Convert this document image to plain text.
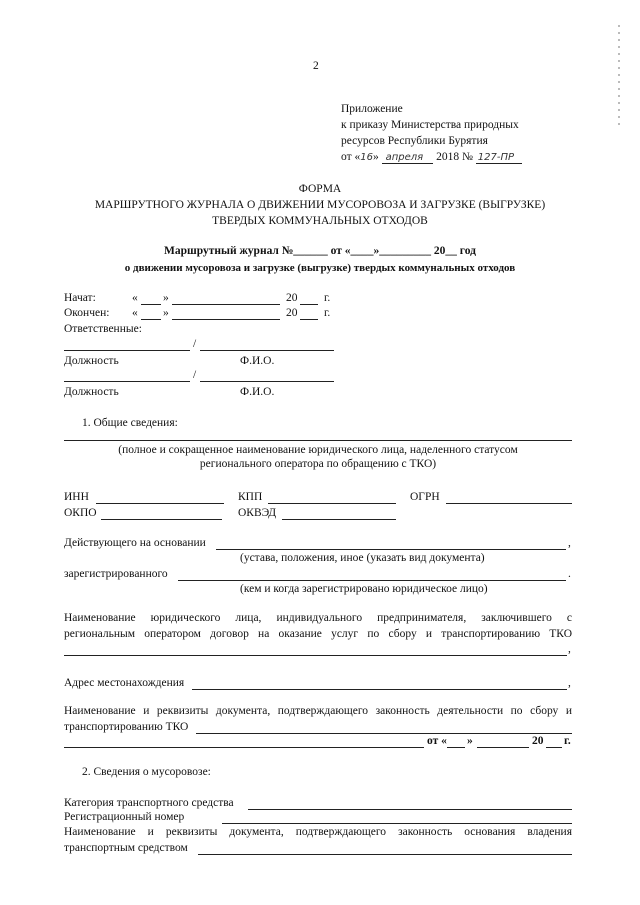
2
Приложение
к приказу Министерства природных
ресурсов Республики Бурятия
от «16» апреля 2018 № 127-ПР
ФОРМА
МАРШРУТНОГО ЖУРНАЛА О ДВИЖЕНИИ МУСОРОВОЗА И ЗАГРУЗКЕ (ВЫГРУЗКЕ)
ТВЕРДЫХ КОММУНАЛЬНЫХ ОТХОДОВ
Маршрутный журнал №______ от «____»_________ 20__ год
о движении мусоровоза и загрузке (выгрузке) твердых коммунальных отходов
Начат:	« »	20 г.
Окончен: « »	20 г.
Ответственные:
/
Должность	Ф.И.О.
/
Должность	Ф.И.О.
1. Общие сведения:
(полное и сокращенное наименование юридического лица, наделенного статусом
регионального оператора по обращению с ТКО)
ИНН	КПП	ОГРН
ОКПО	ОКВЭД
Действующего на основании	,
(устава, положения, иное (указать вид документа)
зарегистрированного	.
(кем и когда зарегистрировано юридическое лицо)
Наименование юридического лица, индивидуального предпринимателя, заключившего с
региональным оператором договор на оказание услуг по сбору и транспортированию ТКО
,
Адрес местонахождения	,
Наименование и реквизиты документа, подтверждающего законность деятельности по сбору и
транспортированию ТКО
от « »	20 г.
2. Сведения о мусоровозе:
Категория транспортного средства
Регистрационный номер
Наименование и реквизиты документа, подтверждающего законность основания владения
транспортным средством
